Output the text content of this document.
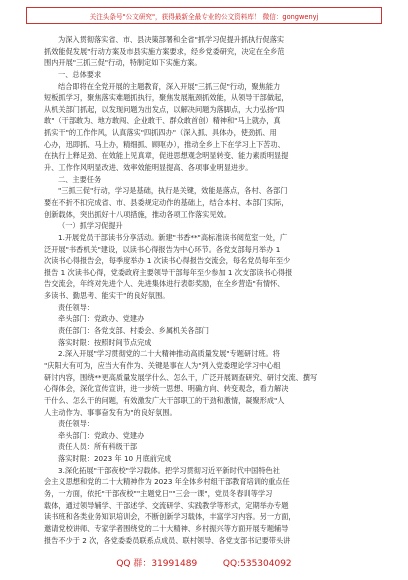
关注头条号"公文研究"，获得最新全最专业的公文资料库！ 微信：gongwenyj
为深入贯彻落实省、市、县决策部署和全省"抓学习促提升抓执行促落实
抓效能促发展"行动方案及市县实施方案要求，经乡党委研究，决定在全乡范
围内开展"三抓三促"行动，特制定如下实施方案。
一、总体要求
结合即将在全党开展的主题教育，深入开展"三抓三促"行动，聚焦能力
短板抓学习，聚焦落实难题抓执行，聚焦发展瓶颈抓效能，从领导干部做起，
从机关部门抓起，以发现问题为出发点，以解决问题为落脚点，大力弘扬"四
敢"（干部敢为、地方敢闯、企业敢干、群众敢首创）精神和"马上就办，真
抓实干"的工作作风，认真落实"四抓四办"（深入抓、具体办，使劲抓、用
心办，迅即抓、马上办，精细抓、顾呕办），推动全乡上下在学习上下苦功、
在执行上释足劲、在效能上见真章，促进思想观念明显转变、能力素质明显提
升、工作作风明显改进、效率效能明显提高、各项事业明显进步。
二、主要任务
"三抓三促"行动，学习是基础，执行是关键，效能是落点，各村、各部门
要在不折不扣完成省、市、县委规定动作的基础上，结合本村、本部门实际，
创新载体，突出抓好十八项措施，推动各项工作落实见效。
（一）抓学习促提升
1.开展党员干部读书分享活动。新建"书香**"高标准读书阅览室一处，广
泛开展"书香机关"建设，以读书心得报告为中心环节。各党支部每月举办 1
次读书心得报告会，每季度举办 1 次读书心得报告交流会，每名党员每年至少
报告 1 次读书心得，党委政府主要领导干部每年至少参加 1 次支部读书心得报
告交流会，年终对先进个人、先进集体进行表彰奖励，在全乡营造"有情怀、
多读书、勤思考、能实干"的良好氛围。
责任领导：
牵头部门：党政办、党建办
责任部门：各党支部、村委会、乡属机关各部门
落实时限：按照时间节点完成
2.深入开展"学习贯彻党的二十大精神推动高质量发展"专题研讨班。将
"庆阳大有可为，应当大有作为、关键是事在人为"列入党委理论学习中心组
研讨内容，围绕**更高质量发展学什么、怎么干，广泛开展调查研究、研讨交流、撰写
心得体会，深化宣传宣讲，进一步统一思想、明确方向、转变观念，看力解决
干什么、怎么干的问题，有效激发广大干部职工的干劲和激情，凝聚形成"人
人主动作为、事事奋发有为"的良好氛围。
责任领导：
牵头部门：党政办、党建办
责任人员：所有科级干部
落实时限：2023 年 10 月底前完成
3.深化拓展"干部夜校"学习载体。把学习贯彻习近平新时代中国特色社
会主义思想和党的二十大精神作为 2023 年全体乡村组干部教育培训的重点任
务，一方面，依托"干部夜校""主题党日""三会一课"，党员冬春训等学习
载体，通过领导辅学、干部述学、交流研学、实践教学等形式，定期举办专题
读书班和各类业务知识培训会，不断创新学习载体，丰富学习内容。另一方面，
邀请党校讲师、专家学者围绕党的二十大精神、乡村振兴等方面开展专题辅导
报告不少于 2 次，各党委委员联系点成员、联村领导、各党支部书记要带头讲
QQ 群：31991489	QQ:535304092
